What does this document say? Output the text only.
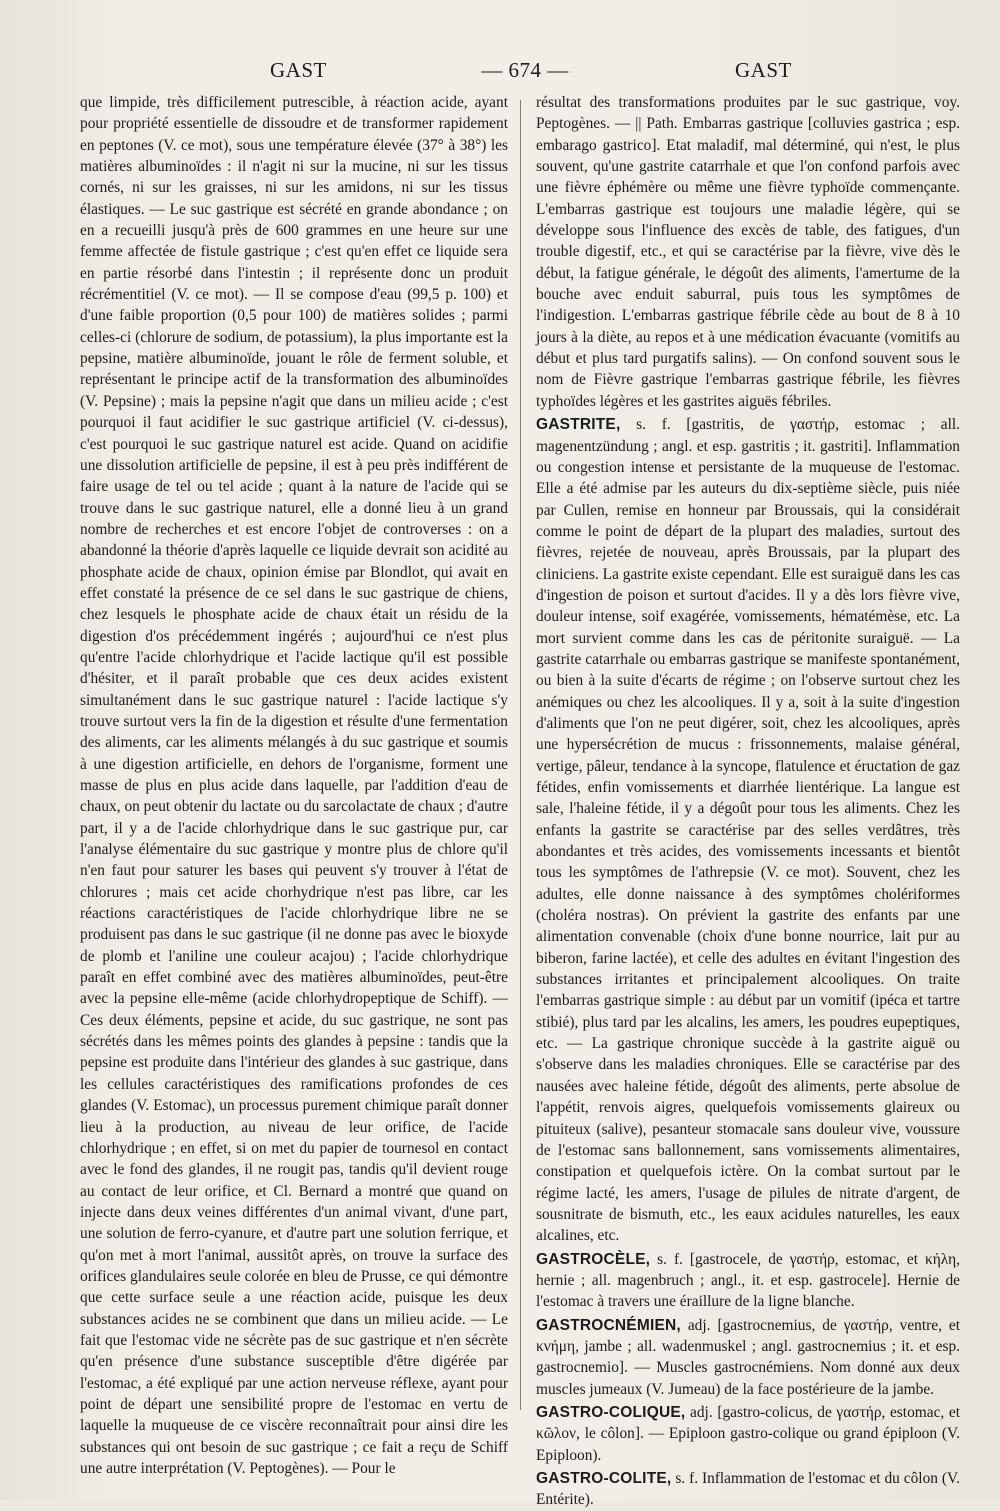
GAST	— 674 —	GAST

que limpide, très difficilement putrescible, à réaction acide, ayant pour propriété essentielle de dissoudre et de transformer rapidement en peptones (V. ce mot), sous une température élevée (37° à 38°) les matières albuminoïdes : il n'agit ni sur la mucine, ni sur les tissus cornés, ni sur les graisses, ni sur les amidons, ni sur les tissus élastiques. — Le suc gastrique est sécrété en grande abondance ; on en a recueilli jusqu'à près de 600 grammes en une heure sur une femme affectée de fistule gastrique ; c'est qu'en effet ce liquide sera en partie résorbé dans l'intestin ; il représente donc un produit récrémentitiel (V. ce mot). — Il se compose d'eau (99,5 p. 100) et d'une faible proportion (0,5 pour 100) de matières solides ; parmi celles-ci (chlorure de sodium, de potassium), la plus importante est la pepsine, matière albuminoïde, jouant le rôle de ferment soluble, et représentant le principe actif de la transformation des albuminoïdes (V. Pepsine) ; mais la pepsine n'agit que dans un milieu acide ; c'est pourquoi il faut acidifier le suc gastrique artificiel (V. ci-dessus), c'est pourquoi le suc gastrique naturel est acide. Quand on acidifie une dissolution artificielle de pepsine, il est à peu près indifférent de faire usage de tel ou tel acide ; quant à la nature de l'acide qui se trouve dans le suc gastrique naturel, elle a donné lieu à un grand nombre de recherches et est encore l'objet de controverses : on a abandonné la théorie d'après laquelle ce liquide devrait son acidité au phosphate acide de chaux, opinion émise par Blondlot, qui avait en effet constaté la présence de ce sel dans le suc gastrique de chiens, chez lesquels le phosphate acide de chaux était un résidu de la digestion d'os précédemment ingérés ; aujourd'hui ce n'est plus qu'entre l'acide chlorhydrique et l'acide lactique qu'il est possible d'hésiter, et il paraît probable que ces deux acides existent simultanément dans le suc gastrique naturel : l'acide lactique s'y trouve surtout vers la fin de la digestion et résulte d'une fermentation des aliments, car les aliments mélangés à du suc gastrique et soumis à une digestion artificielle, en dehors de l'organisme, forment une masse de plus en plus acide dans laquelle, par l'addition d'eau de chaux, on peut obtenir du lactate ou du sarcolactate de chaux ; d'autre part, il y a de l'acide chlorhydrique dans le suc gastrique pur, car l'analyse élémentaire du suc gastrique y montre plus de chlore qu'il n'en faut pour saturer les bases qui peuvent s'y trouver à l'état de chlorures ; mais cet acide chorhydrique n'est pas libre, car les réactions caractéristiques de l'acide chlorhydrique libre ne se produisent pas dans le suc gastrique (il ne donne pas avec le bioxyde de plomb et l'aniline une couleur acajou) ; l'acide chlorhydrique paraît en effet combiné avec des matières albuminoïdes, peut-être avec la pepsine elle-même (acide chlorhydropeptique de Schiff). — Ces deux éléments, pepsine et acide, du suc gastrique, ne sont pas sécrétés dans les mêmes points des glandes à pepsine : tandis que la pepsine est produite dans l'intérieur des glandes à suc gastrique, dans les cellules caractéristiques des ramifications profondes de ces glandes (V. Estomac), un processus purement chimique paraît donner lieu à la production, au niveau de leur orifice, de l'acide chlorhydrique ; en effet, si on met du papier de tournesol en contact avec le fond des glandes, il ne rougit pas, tandis qu'il devient rouge au contact de leur orifice, et Cl. Bernard a montré que quand on injecte dans deux veines différentes d'un animal vivant, d'une part, une solution de ferro-cyanure, et d'autre part une solution ferrique, et qu'on met à mort l'animal, aussitôt après, on trouve la surface des orifices glandulaires seule colorée en bleu de Prusse, ce qui démontre que cette surface seule a une réaction acide, puisque les deux substances acides ne se combinent que dans un milieu acide. — Le fait que l'estomac vide ne sécrète pas de suc gastrique et n'en sécrète qu'en présence d'une substance susceptible d'être digérée par l'estomac, a été expliqué par une action nerveuse réflexe, ayant pour point de départ une sensibilité propre de l'estomac en vertu de laquelle la muqueuse de ce viscère reconnaîtrait pour ainsi dire les substances qui ont besoin de suc gastrique ; ce fait a reçu de Schiff une autre interprétation (V. Peptogènes). — Pour le

résultat des transformations produites par le suc gastrique, voy. Peptogènes. — || Path. Embarras gastrique [colluvies gastrica ; esp. embarago gastrico]. Etat maladif, mal déterminé, qui n'est, le plus souvent, qu'une gastrite catarrhale et que l'on confond parfois avec une fièvre éphémère ou même une fièvre typhoïde commençante. L'embarras gastrique est toujours une maladie légère, qui se développe sous l'influence des excès de table, des fatigues, d'un trouble digestif, etc., et qui se caractérise par la fièvre, vive dès le début, la fatigue générale, le dégoût des aliments, l'amertume de la bouche avec enduit saburral, puis tous les symptômes de l'indigestion. L'embarras gastrique fébrile cède au bout de 8 à 10 jours à la diète, au repos et à une médication évacuante (vomitifs au début et plus tard purgatifs salins). — On confond souvent sous le nom de Fièvre gastrique l'embarras gastrique fébrile, les fièvres typhoïdes légères et les gastrites aiguës fébriles.

GASTRITE, s. f. [gastritis, de γαστήρ, estomac ; all. magenentzündung ; angl. et esp. gastritis ; it. gastriti]. Inflammation ou congestion intense et persistante de la muqueuse de l'estomac. Elle a été admise par les auteurs du dix-septième siècle, puis niée par Cullen, remise en honneur par Broussais, qui la considérait comme le point de départ de la plupart des maladies, surtout des fièvres, rejetée de nouveau, après Broussais, par la plupart des cliniciens. La gastrite existe cependant. Elle est suraiguë dans les cas d'ingestion de poison et surtout d'acides. Il y a dès lors fièvre vive, douleur intense, soif exagérée, vomissements, hématémèse, etc. La mort survient comme dans les cas de péritonite suraiguë. — La gastrite catarrhale ou embarras gastrique se manifeste spontanément, ou bien à la suite d'écarts de régime ; on l'observe surtout chez les anémiques ou chez les alcooliques. Il y a, soit à la suite d'ingestion d'aliments que l'on ne peut digérer, soit, chez les alcooliques, après une hypersécrétion de mucus : frissonnements, malaise général, vertige, pâleur, tendance à la syncope, flatulence et éructation de gaz fétides, enfin vomissements et diarrhée lientérique. La langue est sale, l'haleine fétide, il y a dégoût pour tous les aliments. Chez les enfants la gastrite se caractérise par des selles verdâtres, très abondantes et très acides, des vomissements incessants et bientôt tous les symptômes de l'athrepsie (V. ce mot). Souvent, chez les adultes, elle donne naissance à des symptômes cholériformes (choléra nostras). On prévient la gastrite des enfants par une alimentation convenable (choix d'une bonne nourrice, lait pur au biberon, farine lactée), et celle des adultes en évitant l'ingestion des substances irritantes et principalement alcooliques. On traite l'embarras gastrique simple : au début par un vomitif (ipéca et tartre stibié), plus tard par les alcalins, les amers, les poudres eupeptiques, etc. — La gastrique chronique succède à la gastrite aiguë ou s'observe dans les maladies chroniques. Elle se caractérise par des nausées avec haleine fétide, dégoût des aliments, perte absolue de l'appétit, renvois aigres, quelquefois vomissements glaireux ou pituiteux (salive), pesanteur stomacale sans douleur vive, voussure de l'estomac sans ballonnement, sans vomissements alimentaires, constipation et quelquefois ictère. On la combat surtout par le régime lacté, les amers, l'usage de pilules de nitrate d'argent, de sousnitrate de bismuth, etc., les eaux acidules naturelles, les eaux alcalines, etc.

GASTROCÈLE, s. f. [gastrocele, de γαστήρ, estomac, et κήλη, hernie ; all. magenbruch ; angl., it. et esp. gastrocele]. Hernie de l'estomac à travers une éraillure de la ligne blanche.

GASTROCNÉMIEN, adj. [gastrocnemius, de γαστήρ, ventre, et κνήμη, jambe ; all. wadenmuskel ; angl. gastrocnemius ; it. et esp. gastrocnemio]. — Muscles gastrocnémiens. Nom donné aux deux muscles jumeaux (V. Jumeau) de la face postérieure de la jambe.

GASTRO-COLIQUE, adj. [gastro-colicus, de γαστήρ, estomac, et κῶλον, le côlon]. — Epiploon gastro-colique ou grand épiploon (V. Epiploon).

GASTRO-COLITE, s. f. Inflammation de l'estomac et du côlon (V. Entérite).
